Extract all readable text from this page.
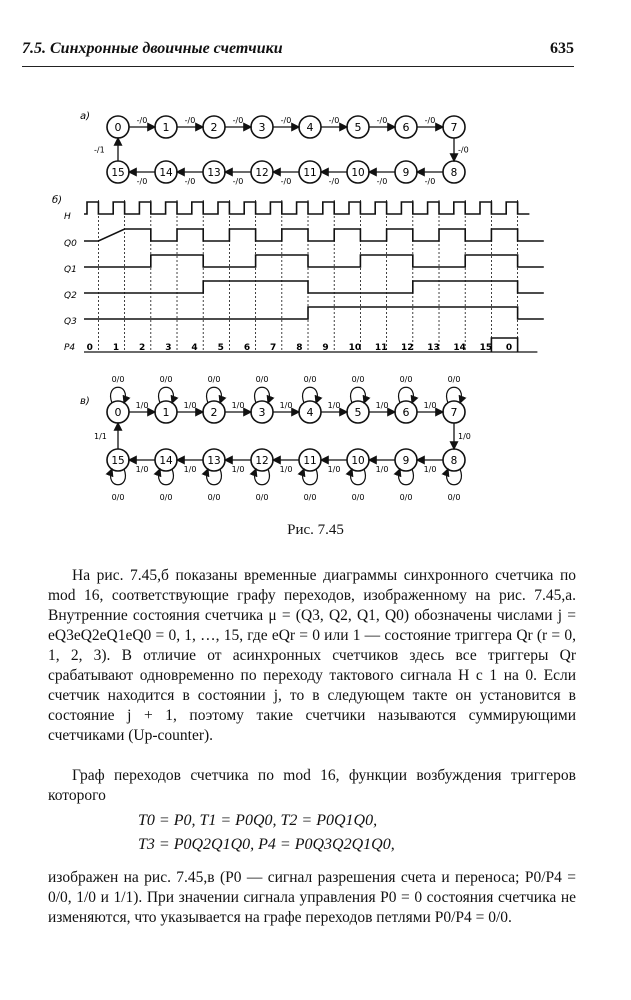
7.5. Синхронные двоичные счетчики	635
а)
0	1	2	3	4	5	6	7
15	14	13	12	11	10	9	8
-/0
-/0
-/0
-/0
-/0
-/0
-/0
-/0
-/0
-/0
-/0
-/0
-/0
-/0
-/0
-/1
б)
H
Q0
Q1
Q2
Q3
P4 0 1 2 3 4 5 6 7 8 9 10 11 12 13 14 15 0
в)
0	1	2	3	4	5	6	7
15	14	13	12	11	10	9	8
1/0
1/0
1/0
1/0
1/0
1/0
1/0
1/0
1/0
1/0
1/0
1/0
1/0
1/0
1/0
1/1
0/0
0/0
0/0
0/0
0/0
0/0
0/0
0/0
0/0
0/0
0/0
0/0
0/0
0/0
0/0
0/0
Рис. 7.45

На рис. 7.45,б показаны временные диаграммы синхронного счетчика по mod 16, соответствующие графу переходов, изображенному на рис. 7.45,а. Внутренние состояния счетчика μ = (Q3, Q2, Q1, Q0) обозначены числами j = eQ3eQ2eQ1eQ0 = 0, 1, …, 15, где eQr = 0 или 1 — состояние триггера Qr (r = 0, 1, 2, 3). В отличие от асинхронных счетчиков здесь все триггеры Qr срабатывают одновременно по переходу тактового сигнала H с 1 на 0. Если счетчик находится в состоянии j, то в следующем такте он установится в состояние j + 1, поэтому такие счетчики называются суммирующими счетчиками (Up-counter).

Граф переходов счетчика по mod 16, функции возбуждения триггеров которого

T0 = P0, T1 = P0Q0, T2 = P0Q1Q0,
T3 = P0Q2Q1Q0, P4 = P0Q3Q2Q1Q0,

изображен на рис. 7.45,в (P0 — сигнал разрешения счета и переноса; P0/P4 = 0/0, 1/0 и 1/1). При значении сигнала управления P0 = 0 состояния счетчика не изменяются, что указывается на графе переходов петлями P0/P4 = 0/0.
